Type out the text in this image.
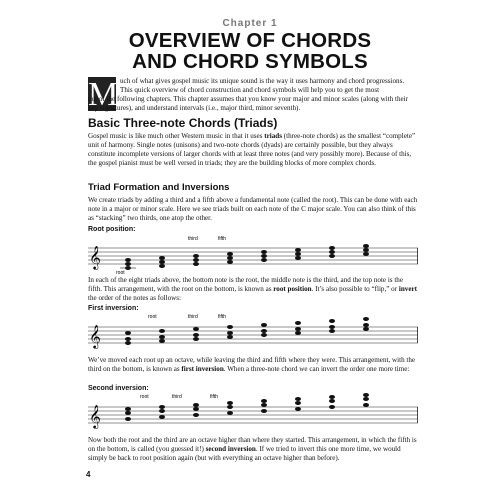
Chapter 1
OVERVIEW OF CHORDS
AND CHORD SYMBOLS
M uch of what gives gospel music its unique sound is the way it uses harmony and chord progressions. This quick overview of chord construction and chord symbols will help you to get the most

out of the following chapters. This chapter assumes that you know your major and minor scales (along with their key signatures), and understand intervals (i.e., major third, minor seventh).

Basic Three-note Chords (Triads)

Gospel music is like much other Western music in that it uses triads (three-note chords) as the smallest “complete” unit of harmony. Single notes (unisons) and two-note chords (dyads) are certainly possible, but they always constitute incomplete versions of larger chords with at least three notes (and very possibly more). Because of this, the gospel pianist must be well versed in triads; they are the building blocks of more complex chords.

Triad Formation and Inversions

We create triads by adding a third and a fifth above a fundamental note (called the root). This can be done with each note in a major or minor scale. Here we see triads built on each note of the C major scale. You can also think of this as “stacking” two thirds, one atop the other.

Root position:
𝄞
root
third	fifth

In each of the eight triads above, the bottom note is the root, the middle note is the third, and the top note is the fifth. This arrangement, with the root on the bottom, is known as root position. It’s also possible to “flip,” or invert the order of the notes as follows:

First inversion:
𝄞
root	third	fifth

We’ve moved each root up an octave, while leaving the third and fifth where they were. This arrangement, with the third on the bottom, is known as first inversion. When a three-note chord we can invert the order one more time:

Second inversion:
𝄞
root	third	fifth

Now both the root and the third are an octave higher than where they started. This arrangement, in which the fifth is on the bottom, is called (you guessed it!) second inversion. If we tried to invert this one more time, we would simply be back to root position again (but with everything an octave higher than before).

4
